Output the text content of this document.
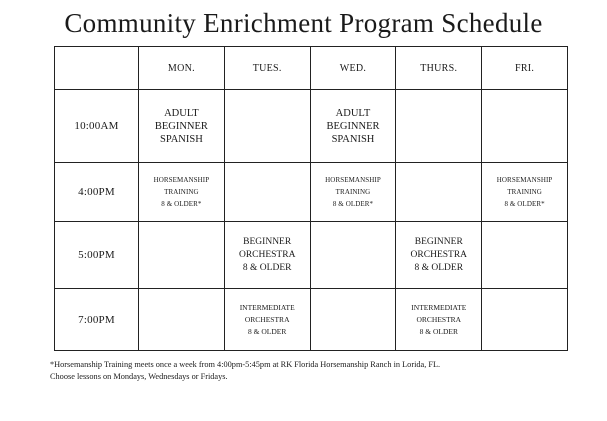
Community Enrichment Program Schedule
	MON.	TUES.	WED.	THURS.	FRI.
10:00AM	ADULT
BEGINNER
SPANISH		ADULT
BEGINNER
SPANISH		

4:00PM	HORSEMANSHIP
TRAINING
8 & OLDER*		HORSEMANSHIP
TRAINING
8 & OLDER*		HORSEMANSHIP
TRAINING
8 & OLDER*

5:00PM		BEGINNER
ORCHESTRA
8 & OLDER		BEGINNER
ORCHESTRA
8 & OLDER	

7:00PM		INTERMEDIATE
ORCHESTRA
8 & OLDER		INTERMEDIATE
ORCHESTRA
8 & OLDER	

*Horsemanship Training meets once a week from 4:00pm-5:45pm at RK Florida Horsemanship Ranch in Lorida, FL.
Choose lessons on Mondays, Wednesdays or Fridays.
